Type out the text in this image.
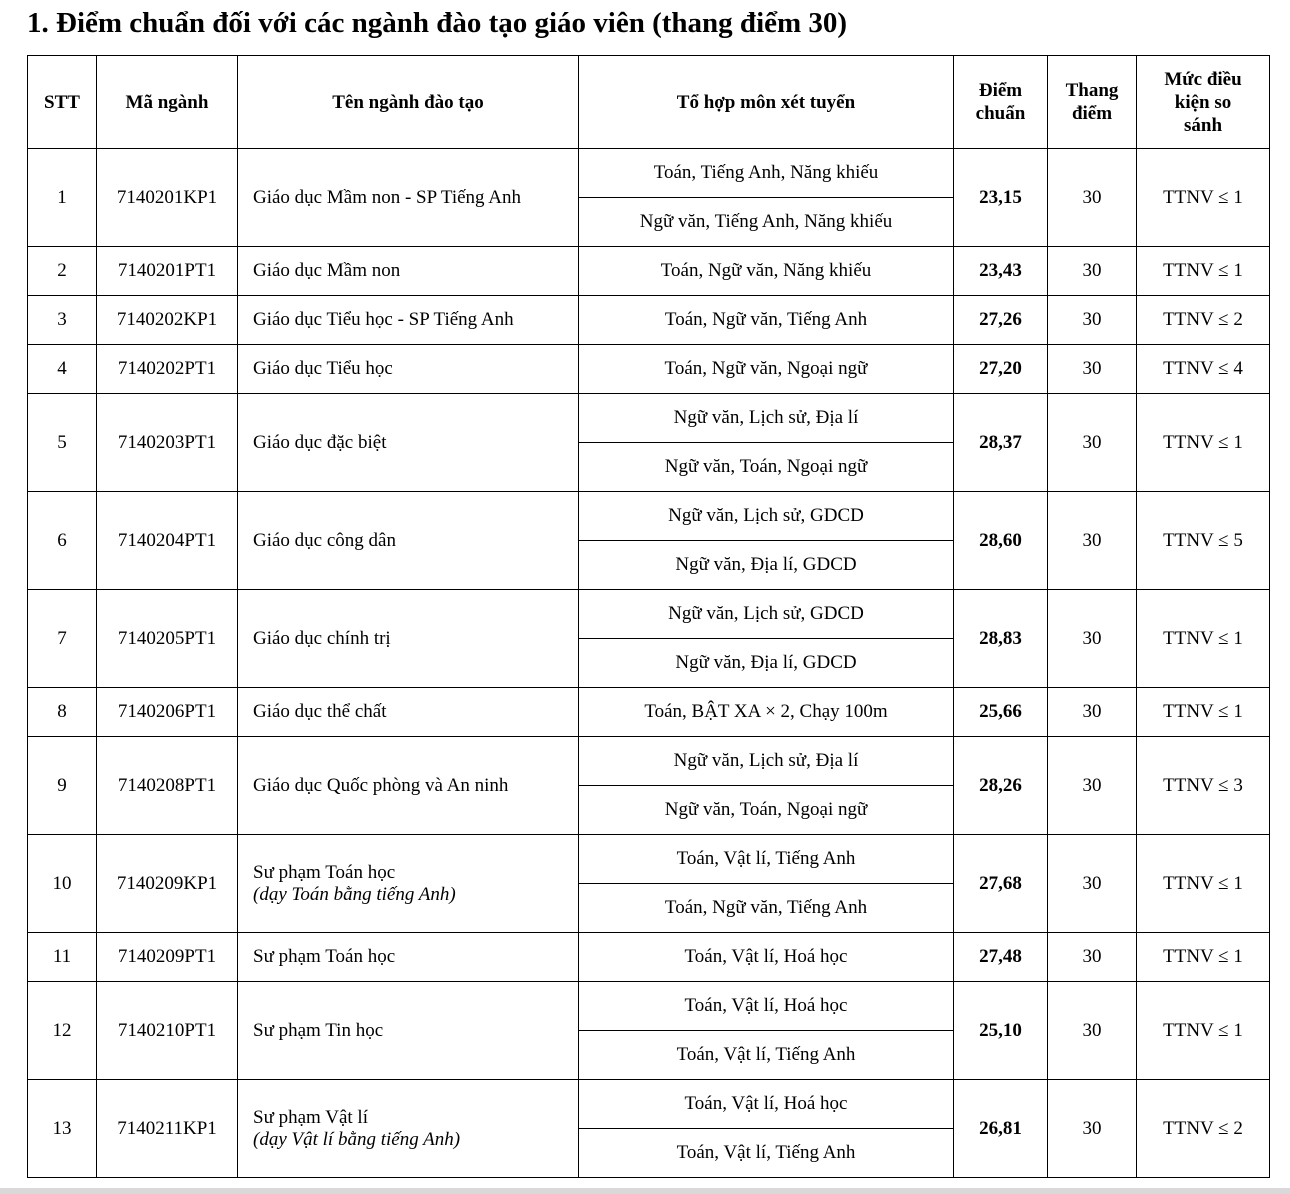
1. Điểm chuẩn đối với các ngành đào tạo giáo viên (thang điểm 30)
STT	Mã ngành	Tên ngành đào tạo	Tổ hợp môn xét tuyển	Điểm chuẩn	Thang điểm	Mức điều kiện so sánh
1	7140201KP1	Giáo dục Mầm non - SP Tiếng Anh	Toán, Tiếng Anh, Năng khiếu	23,15	30	TTNV ≤ 1
			Ngữ văn, Tiếng Anh, Năng khiếu			
2	7140201PT1	Giáo dục Mầm non	Toán, Ngữ văn, Năng khiếu	23,43	30	TTNV ≤ 1
3	7140202KP1	Giáo dục Tiểu học - SP Tiếng Anh	Toán, Ngữ văn, Tiếng Anh	27,26	30	TTNV ≤ 2
4	7140202PT1	Giáo dục Tiểu học	Toán, Ngữ văn, Ngoại ngữ	27,20	30	TTNV ≤ 4
5	7140203PT1	Giáo dục đặc biệt	Ngữ văn, Lịch sử, Địa lí	28,37	30	TTNV ≤ 1
			Ngữ văn, Toán, Ngoại ngữ			
6	7140204PT1	Giáo dục công dân	Ngữ văn, Lịch sử, GDCD	28,60	30	TTNV ≤ 5
			Ngữ văn, Địa lí, GDCD			
7	7140205PT1	Giáo dục chính trị	Ngữ văn, Lịch sử, GDCD	28,83	30	TTNV ≤ 1
			Ngữ văn, Địa lí, GDCD			
8	7140206PT1	Giáo dục thể chất	Toán, BẬT XA × 2, Chạy 100m	25,66	30	TTNV ≤ 1
9	7140208PT1	Giáo dục Quốc phòng và An ninh	Ngữ văn, Lịch sử, Địa lí	28,26	30	TTNV ≤ 3
			Ngữ văn, Toán, Ngoại ngữ			
10	7140209KP1	Sư phạm Toán học
(dạy Toán bằng tiếng Anh)	Toán, Vật lí, Tiếng Anh	27,68	30	TTNV ≤ 1
			Toán, Ngữ văn, Tiếng Anh			
11	7140209PT1	Sư phạm Toán học	Toán, Vật lí, Hoá học	27,48	30	TTNV ≤ 1
12	7140210PT1	Sư phạm Tin học	Toán, Vật lí, Hoá học	25,10	30	TTNV ≤ 1
			Toán, Vật lí, Tiếng Anh			
13	7140211KP1	Sư phạm Vật lí
(dạy Vật lí bằng tiếng Anh)	Toán, Vật lí, Hoá học	26,81	30	TTNV ≤ 2
			Toán, Vật lí, Tiếng Anh			
